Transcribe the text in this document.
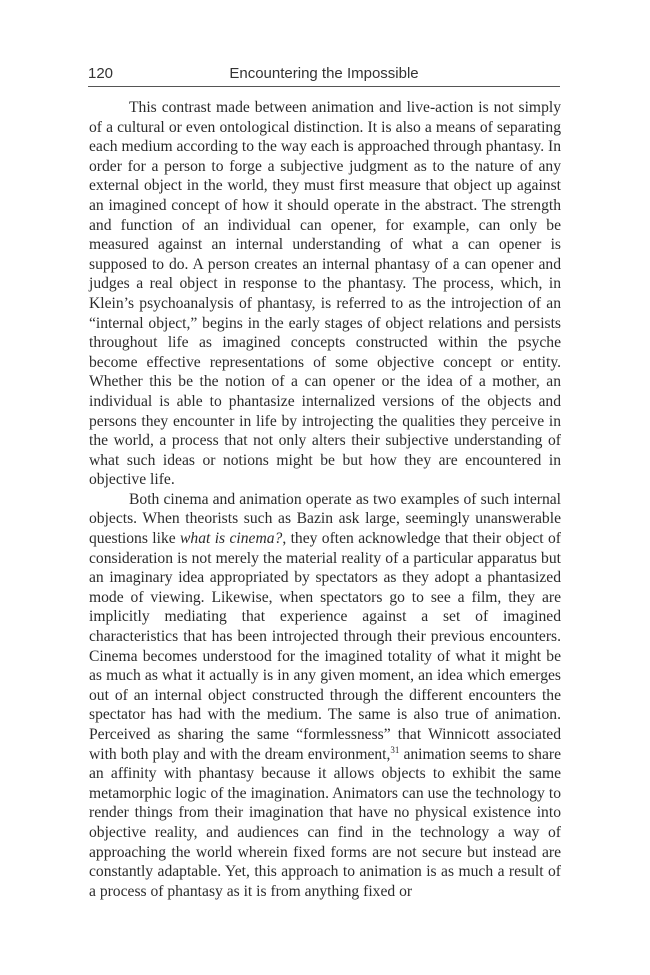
120	Encountering the Impossible

This contrast made between animation and live-action is not simply of a cultural or even ontological distinction. It is also a means of separating each medium according to the way each is approached through phantasy. In order for a person to forge a subjective judgment as to the nature of any external object in the world, they must first measure that object up against an imagined concept of how it should operate in the abstract. The strength and function of an individual can opener, for example, can only be measured against an internal understanding of what a can opener is supposed to do. A person creates an internal phantasy of a can opener and judges a real object in response to the phantasy. The process, which, in Klein’s psychoanalysis of phantasy, is referred to as the introjection of an “internal object,” begins in the early stages of object relations and persists throughout life as imagined concepts constructed within the psyche become effective representations of some objective concept or entity. Whether this be the notion of a can opener or the idea of a mother, an individual is able to phantasize internalized versions of the objects and persons they encounter in life by introjecting the qualities they perceive in the world, a process that not only alters their subjective understanding of what such ideas or notions might be but how they are encountered in objective life.

Both cinema and animation operate as two examples of such internal objects. When theorists such as Bazin ask large, seemingly unanswerable questions like what is cinema?, they often acknowledge that their object of consideration is not merely the material reality of a particular apparatus but an imaginary idea appropriated by spectators as they adopt a phantasized mode of viewing. Likewise, when spectators go to see a film, they are implicitly mediating that experience against a set of imagined characteristics that has been introjected through their previous encounters. Cinema becomes understood for the imagined totality of what it might be as much as what it actually is in any given moment, an idea which emerges out of an internal object constructed through the different encounters the spectator has had with the medium. The same is also true of animation. Perceived as sharing the same “formlessness” that Winnicott associated with both play and with the dream environment,$^{31}$ animation seems to share an affinity with phantasy because it allows objects to exhibit the same metamorphic logic of the imagination. Animators can use the technology to render things from their imagination that have no physical existence into objective reality, and audiences can find in the technology a way of approaching the world wherein fixed forms are not secure but instead are constantly adaptable. Yet, this approach to animation is as much a result of a process of phantasy as it is from anything fixed or
